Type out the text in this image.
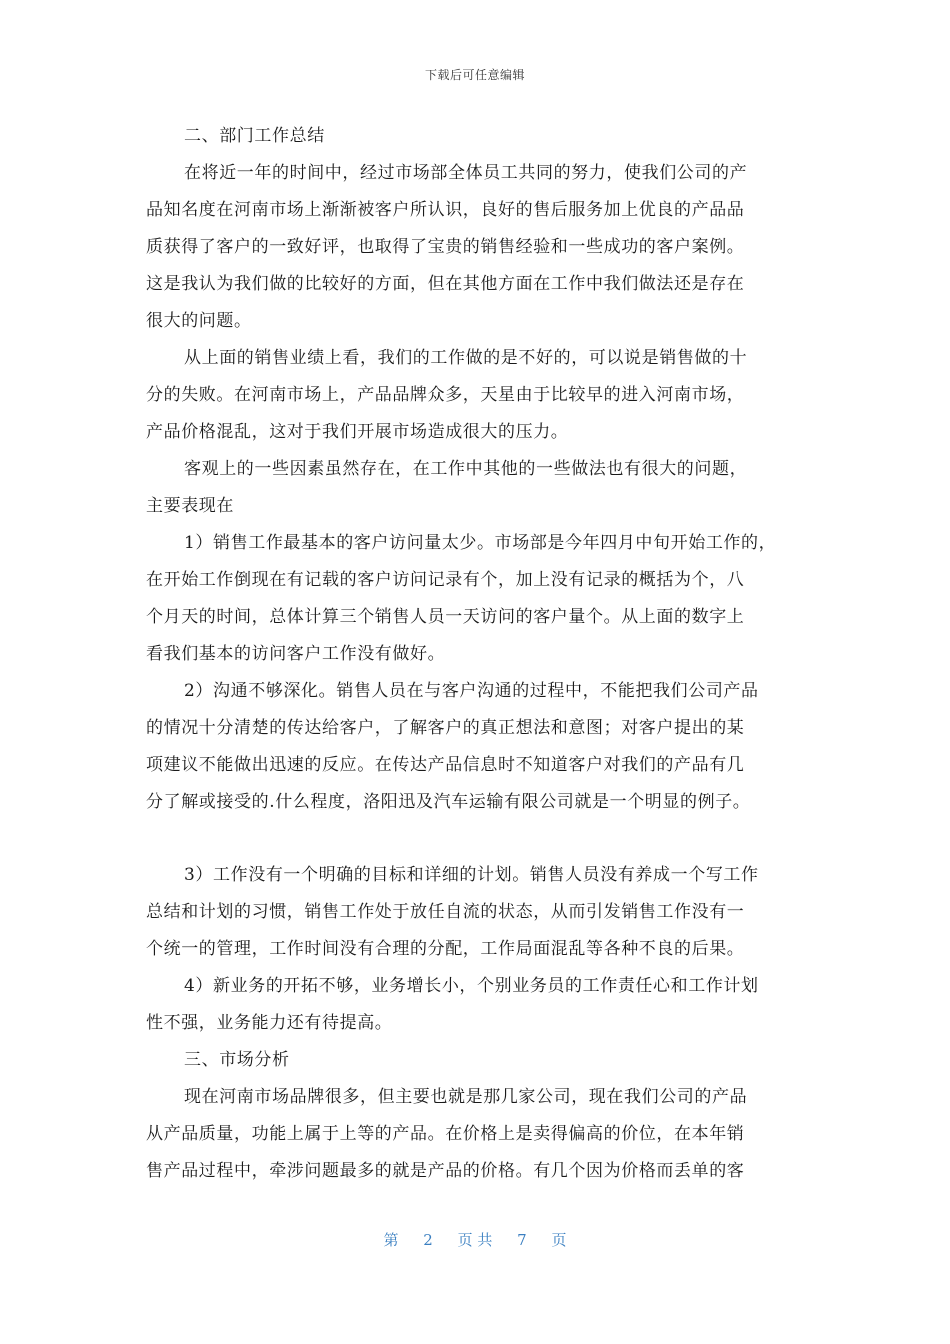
下载后可任意编辑
二、部门工作总结
在将近一年的时间中，经过市场部全体员工共同的努力，使我们公司的产
品知名度在河南市场上渐渐被客户所认识，良好的售后服务加上优良的产品品
质获得了客户的一致好评，也取得了宝贵的销售经验和一些成功的客户案例。
这是我认为我们做的比较好的方面，但在其他方面在工作中我们做法还是存在
很大的问题。
从上面的销售业绩上看，我们的工作做的是不好的，可以说是销售做的十
分的失败。在河南市场上，产品品牌众多，天星由于比较早的进入河南市场，
产品价格混乱，这对于我们开展市场造成很大的压力。
客观上的一些因素虽然存在，在工作中其他的一些做法也有很大的问题，
主要表现在
1）销售工作最基本的客户访问量太少。市场部是今年四月中旬开始工作的，
在开始工作倒现在有记载的客户访问记录有个，加上没有记录的概括为个，八
个月天的时间，总体计算三个销售人员一天访问的客户量个。从上面的数字上
看我们基本的访问客户工作没有做好。
2）沟通不够深化。销售人员在与客户沟通的过程中，不能把我们公司产品
的情况十分清楚的传达给客户，了解客户的真正想法和意图；对客户提出的某
项建议不能做出迅速的反应。在传达产品信息时不知道客户对我们的产品有几
分了解或接受的.什么程度，洛阳迅及汽车运输有限公司就是一个明显的例子。
3）工作没有一个明确的目标和详细的计划。销售人员没有养成一个写工作
总结和计划的习惯，销售工作处于放任自流的状态，从而引发销售工作没有一
个统一的管理，工作时间没有合理的分配，工作局面混乱等各种不良的后果。
4）新业务的开拓不够，业务增长小，个别业务员的工作责任心和工作计划
性不强，业务能力还有待提高。
三、市场分析
现在河南市场品牌很多，但主要也就是那几家公司，现在我们公司的产品
从产品质量，功能上属于上等的产品。在价格上是卖得偏高的价位，在本年销
售产品过程中，牵涉问题最多的就是产品的价格。有几个因为价格而丢单的客
第 2 页 共 7 页
